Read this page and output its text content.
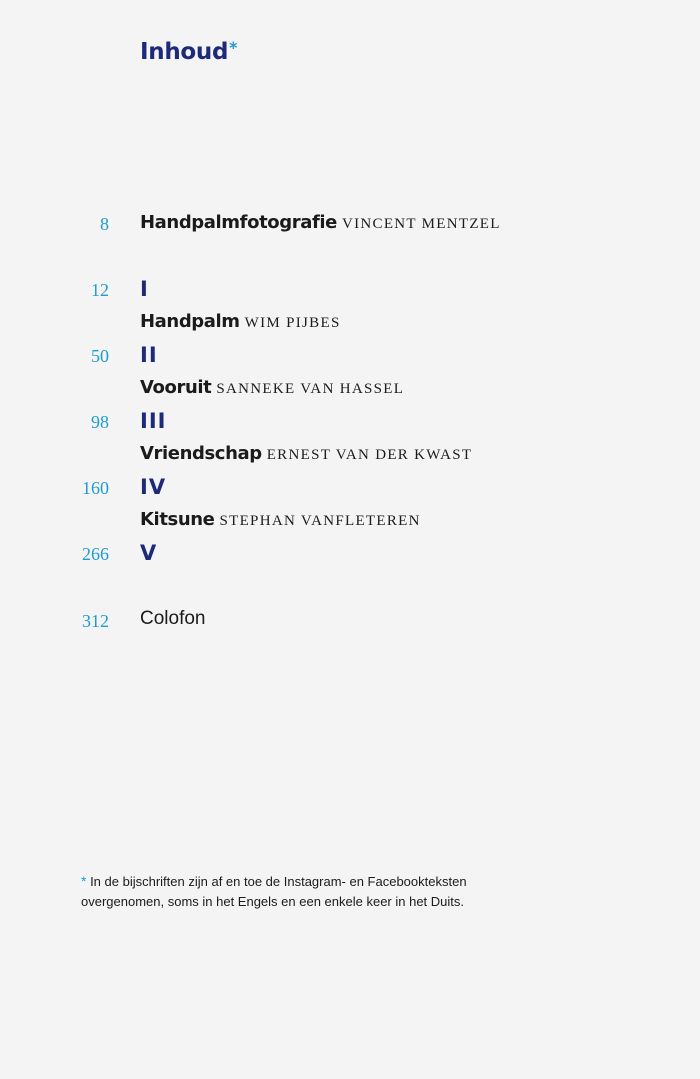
Inhoud*
8 Handpalmfotografie VINCENT MENTZEL
12 I
Handpalm WIM PIJBES
50 II
Vooruit SANNEKE VAN HASSEL
98 III
Vriendschap ERNEST VAN DER KWAST
160 IV
Kitsune STEPHAN VANFLETEREN
266 V
312 Colofon
* In de bijschriften zijn af en toe de Instagram- en Facebookteksten overgenomen, soms in het Engels en een enkele keer in het Duits.
